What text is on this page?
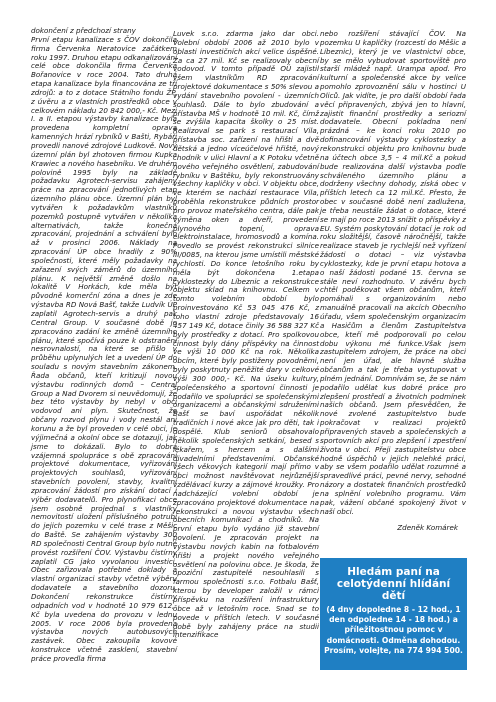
dokončení z předchozí strany

První etapu kanalizace s ČOV dokončila firma Červenka Neratovice začátkem roku 1997. Druhou etapu odkanalizování celé obce dokončila firma Červenka Bořanovice v roce 2004. Tato druhá etapa kanalizace byla financována ze tří zdrojů: a to z dotace Státního fondu ŽP, z úvěru a z vlastních prostředků obce v celkovém nákladu 20 842 000,- Kč. Mezi I. a II. etapou výstavby kanalizace byla provedena kompletní oprava kamenných hrází rybníků v Bašti, Rybáři provedli nanové zdrojové Ludkově. Nový územní plán byl zhotoven firmou Kupka Krawiec a nového hasebníku. Ve druhém polovině 1995 byly na základě požadavku Agrotech-servisu zahájeny práce na zpracování jednotlivých etap územního plánu obce. Územní plán byl vytvářen k požadavkům vlastníků pozemků postupně vytvářen v několika alternativách, takže konečná zpracování, projednání a schválení bylo až v prosinci 2006. Náklady na zpracování ÚP obce hradily z 90% společnosti, které měly požadavky na zařazení svých záměrů do územního plánu. K největší změně došlo na lokalitě V Horkách, kde měla být původně komerční zóna a dnes je zde výstavba RD Nová Bašť, takže Ludvík ÚP zaplatil Agrotech-servis a druhý pak Central Group. V současné době je zpracováno zadání ke změně územního plánu, které spočívá pouze k odstranění nesrovnalostí, na které se přišlo v průběhu uplynulých let a uvedení ÚP do souladu s novým stavebním zákonem. Řada občanů, kteří kritizují novou výstavbu rodinných domů – Central Group a Nad Dvorem si neuvědomují, že bez této výstavby by nebyl v obci vodovod ani plyn. Skutečnost, že občany rozvod plynu i vody nestál ani korunu a že byl proveden v celé obci, je výjimečná a okolní obce se dotazují, jak jsme to dokázali. Bylo to dobrá vzájemná spolupráce s obě zpracování projektové dokumentace, vyřizování projektových souhlasů, vyřizování stavebních povolení, stavby, kvalitní zpracování žádostí pro získání dotací i výběr dodavatelů. Pro plynofikaci obce jsem osobně projednal s vlastníky nemovitostí uložení příslušného potrubí do jejich pozemku v celé trase z Měšic do Baště. Se zahájením výstavby 300 RD společnosti Central Group bylo nutné provést rozšíření ČOV. Výstavbu čistírny zaplatil CG jako vyvolanou investici. Obec zařizovala potřebné doklady a vlastní organizaci stavby včetně výběru dodavatele a stavebního dozoru. Dokončení rekonstrukce čistírny odpadních vod v hodnotě 10 979 612,- Kč byla uvedena do provozu v lednu 2005. V roce 2006 byla provedena výstavba nových autobusových zastávek. Obec zakoupila kovové konstrukce včetně zasklení, stavební práce provedla firma

Luvek s.r.o. zdarma jako dar obci. Volební období 2006 až 2010 bylo v oblasti investičních akcí velice úspěšné. Za ca 27 mil. Kč se realizovaly obecní vodovod. V tomto případě OÚ zajistil všem vlastníkům RD zpracování projektové dokumentace s 50% slevou a vydání stavebního povolení - územních souhlasů. Dále to bylo zbudování a přístavba MŠ v hodnotě 10 mil. Kč, čímž se zvýšila kapacita školky o 25 míst. Realizoval se park s restaurací Vila, přístavba soc. zařízení na hřišti a dvě dětská a jedno víceúčelové hřiště, nový chodník v ulici Hlavní a K Potoku včetně nového veřejného osvětlení, zabudování rybníku v Baštěku, byly rekonstruovány všechny kapličky v obci. V objektu obce, ve kterém se nachází restaurace Vila, proběhla rekonstrukce půdních prostor pro provoz mateřského centra, dále pak výměna oken a dveří, provedení plynového topení, oprava elektroinstalace, hromosvodů a komína. Povedlo se provést rekonstrukci silnice III/0085, na kterou jsme umístili městské rychlosti. Do konce letošního roku by měla být dokončena 1.etapa cyklostezky do Líbeznic a rekonstrukce objektu sklad na knihovnu. Celkem v tomto volebním období bylo proinvestováno Kč 53 045 476 Kč, z toho vlastní zdroje představovaly 16 457 149 Kč, dotace činily 36 588 327 Kč byly prostředky z dotací. Pro spolkovou činnost byly dány příspěvky na činnost ve výši 10 000 Kč na rok. Několika obcím, které byly postiženy povodněmi, byly poskytnuty peněžité dary v celkové výši 300 000,- Kč. Na úseku kultury, společenského a sportovní činnosti je podařilo ve spolupráci se společenskými organizacemi a občanskými sdruženími Bašť se baví uspořádat několik tradičních i nové akce jak pro děti, tak i dospělé. Klub seniorů obsahovalo několik společenských setkání, besed s lékařem, s hercem a s dalšími divadelními představeními. Občanské všech věkových kategorií mají přímo v obci možnost navštěvovat nejrůznější vzdělávací kurzy a zájmové kroužky. Pro nadcházející volební období je zpracováno projektové dokumentace na rekonstrukci a novou výstavbu všech obecních komunikací a chodníků. Na první etapu bylo vydáno již stavební povolení. Je zpracován projekt na výstavbu nových kabin na fotbalovém hřišti a projekt nového veřejného osvětlení na polovinu obce. Je škoda, že opoziční zastupitelé nesouhlasili s farmou společnosti s.r.o. Fotbalu Bašť, kterou by developer založil v rámci příspěvku na rozšíření infrastruktury obce až v letošním roce. Snad se to povede v příštích letech. V současné době byly zahájeny práce na studii intenzifikace

nebo rozšíření stávající ČOV. Na pozemku U kapličky (rozcestí do Měšic a Líbeznic), který je ve vlastnictví obce, by se mělo vybudovat sportoviště pro starší mládež např. Urampa apod. Pro kulturní a společenské akce by velice pomohlo zprovoznění sálu v hostinci U Oliců. Jak vidíte, je pro další období řada věcí připravených, zbývá jen to hlavní, zajistit finanční prostředky a seriozní dodavatele. Obecní pokladna není prázdná – ke konci roku 2010 po dofinancování výstavby cyklostezky a rekonstrukci objektu pro knihovnu bude na účtech obce 3,5 – 4 mil.Kč a pokud bude realizována další výstavba podle schváleného územního plánu a dodrženy všechny dohody, získá obec v příštích letech ca 12 mil.Kč. Přesto, že obec v současné době není zadlužena, je třeba neustále žádat o dotace, které se mají po roce 2013 snížit o příspěvky z EU. Systém poskytování dotací je rok od roku složitější, časově náročnější, takže realizace staveb je rychlejší než vyřízení žádosti o dotaci – viz výstavba cyklostezky, kde je první etapu hotova a o naší žádosti podané 15. června se stále neví rozhodnuto. V závěru bych chtěl poděkovat všem občanům, kteří pomáhali s organizováním nebo manuálně pracovali na akcích Obecního úřadu, všem společenským organizacím a Hasičům a členům Zastupitelstva obce, kteří mě podporovali po celou dobu výkonu mé funkce.Však jsem zastupitelem zdrojem, že práce na obci není jen úřad, ale hlavně služba občanům a tak je třeba vystupovat v plném jednání. Domnívám se, že se nám podařilo udělat kus dobré práce pro zlepšení prostředí a životních podmínek našich občanů. Jsem přesvědčen, že nové zvolené zastupitelstvo bude pokračovat v realizaci projektů připravených staveb a společenských a sportovních akcí pro zlepšení i zpestření života v obci. Přeji zastupitelstvu obce hodně úspěchů v jejich nelehké práci, aby se všem podařilo udělat rozumné a spravedlivé práci, pevné nervy, sehodné názory a dostatek finančních prostředků na splnění volebního programu. Vám pak, vážení občané spokojený život v naší obci.

Zdeněk Komárek

Hledám paní na celotýdenní hlídání dětí
(4 dny dopoledne 8 - 12 hod., 1 den odpoledne 14 - 18 hod.) a příležitostnou pomoc v domácnosti. Odměna dohodou. Prosím, volejte, na 774 994 500.
